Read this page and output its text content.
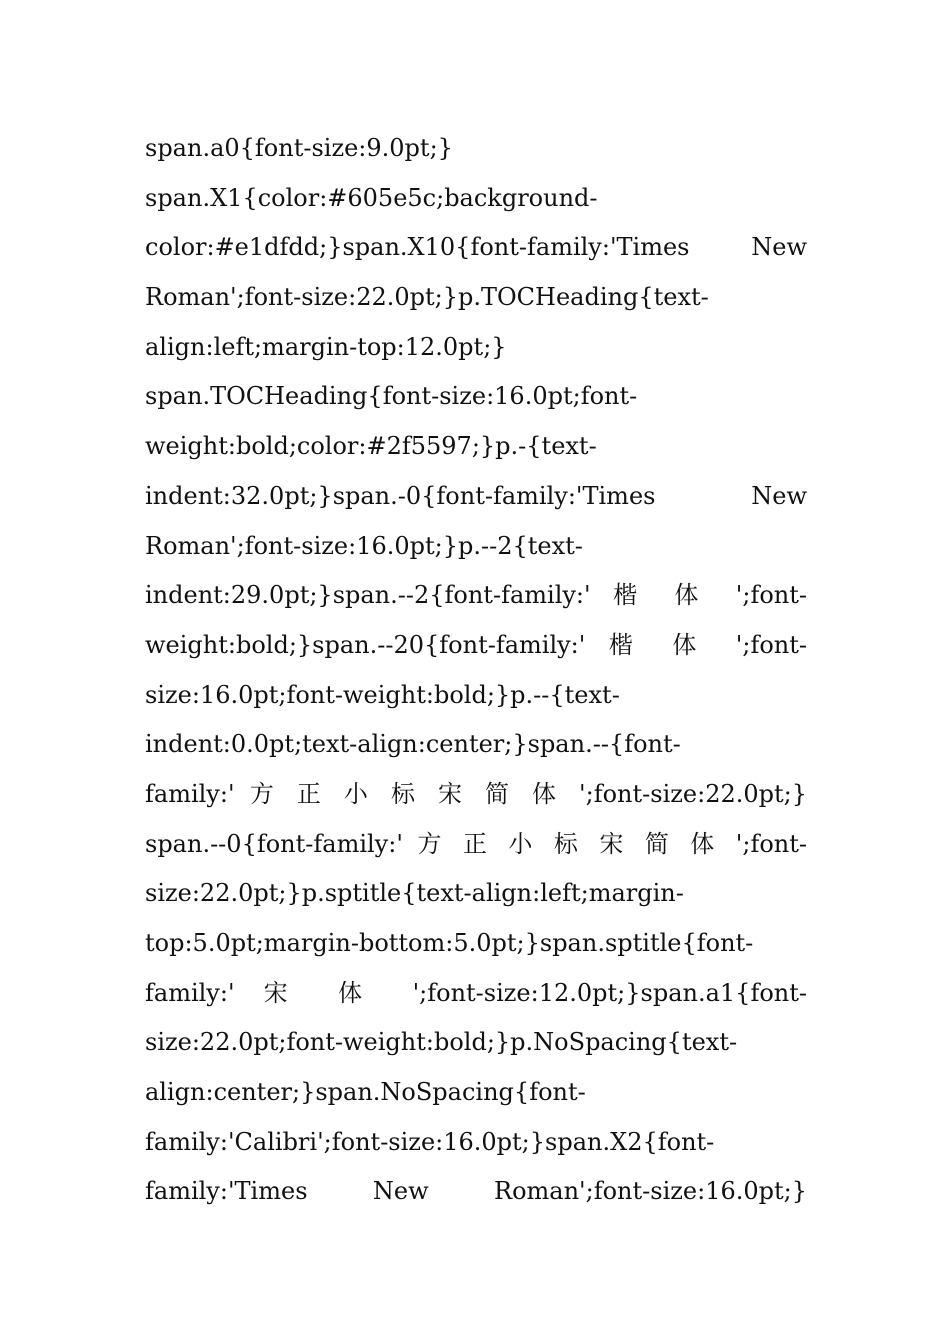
span.a0{font-size:9.0pt;}
span.X1{color:#605e5c;background-
color:#e1dfdd;}span.X10{font-family:'Times New
Roman';font-size:22.0pt;}p.TOCHeading{text-
align:left;margin-top:12.0pt;}
span.TOCHeading{font-size:16.0pt;font-
weight:bold;color:#2f5597;}p.-{text-
indent:32.0pt;}span.-0{font-family:'Times New
Roman';font-size:16.0pt;}p.--2{text-
indent:29.0pt;}span.--2{font-family:' 楷 体 ';font-
weight:bold;}span.--20{font-family:' 楷 体 ';font-
size:16.0pt;font-weight:bold;}p.--{text-
indent:0.0pt;text-align:center;}span.--{font-
family:' 方 正 小 标 宋 简 体 ';font-size:22.0pt;}
span.--0{font-family:' 方 正 小 标 宋 简 体 ';font-
size:22.0pt;}p.sptitle{text-align:left;margin-
top:5.0pt;margin-bottom:5.0pt;}span.sptitle{font-
family:' 宋 体 ';font-size:12.0pt;}span.a1{font-
size:22.0pt;font-weight:bold;}p.NoSpacing{text-
align:center;}span.NoSpacing{font-
family:'Calibri';font-size:16.0pt;}span.X2{font-
family:'Times New Roman';font-size:16.0pt;}
